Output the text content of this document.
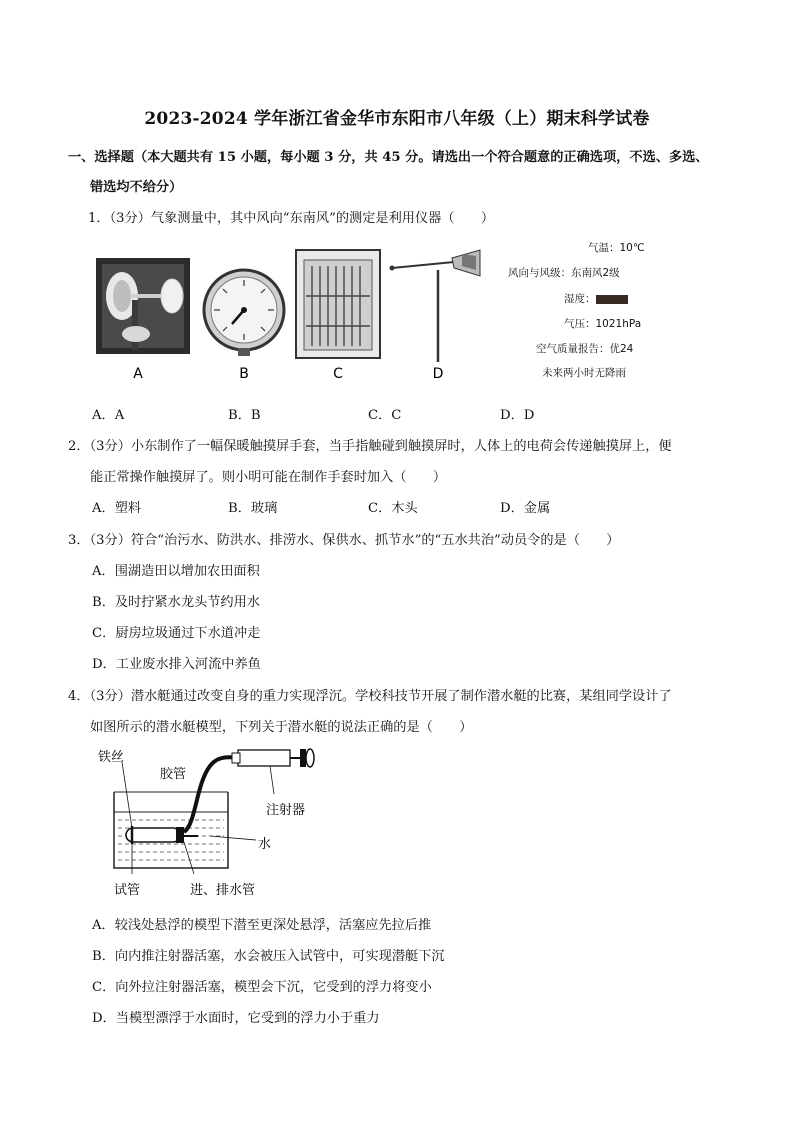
2023-2024 学年浙江省金华市东阳市八年级（上）期末科学试卷
一、选择题（本大题共有 15 小题，每小题 3 分，共 45 分。请选出一个符合题意的正确选项，不选、多选、
错选均不给分）
1．（3分）气象测量中，其中风向“东南风”的测定是利用仪器（　　）
A	B	C	D
气温：10℃
风向与风级：东南风2级
湿度：
气压：1021hPa
空气质量报告：优24
未来两小时无降雨
A．A	B．B	C．C	D．D
2．（3分）小东制作了一幅保暖触摸屏手套，当手指触碰到触摸屏时，人体上的电荷会传递触摸屏上，便
能正常操作触摸屏了。则小明可能在制作手套时加入（　　）
A．塑料	B．玻璃	C．木头	D．金属
3．（3分）符合“治污水、防洪水、排涝水、保供水、抓节水”的“五水共治”动员令的是（　　）
A．围湖造田以增加农田面积
B．及时拧紧水龙头节约用水
C．厨房垃圾通过下水道冲走
D．工业废水排入河流中养鱼
4．（3分）潜水艇通过改变自身的重力实现浮沉。学校科技节开展了制作潜水艇的比赛，某组同学设计了
如图所示的潜水艇模型，下列关于潜水艇的说法正确的是（　　）
铁丝
胶管
注射器
水
试管	进、排水管
A．较浅处悬浮的模型下潜至更深处悬浮，活塞应先拉后推
B．向内推注射器活塞，水会被压入试管中，可实现潜艇下沉
C．向外拉注射器活塞，模型会下沉，它受到的浮力将变小
D．当模型漂浮于水面时，它受到的浮力小于重力
